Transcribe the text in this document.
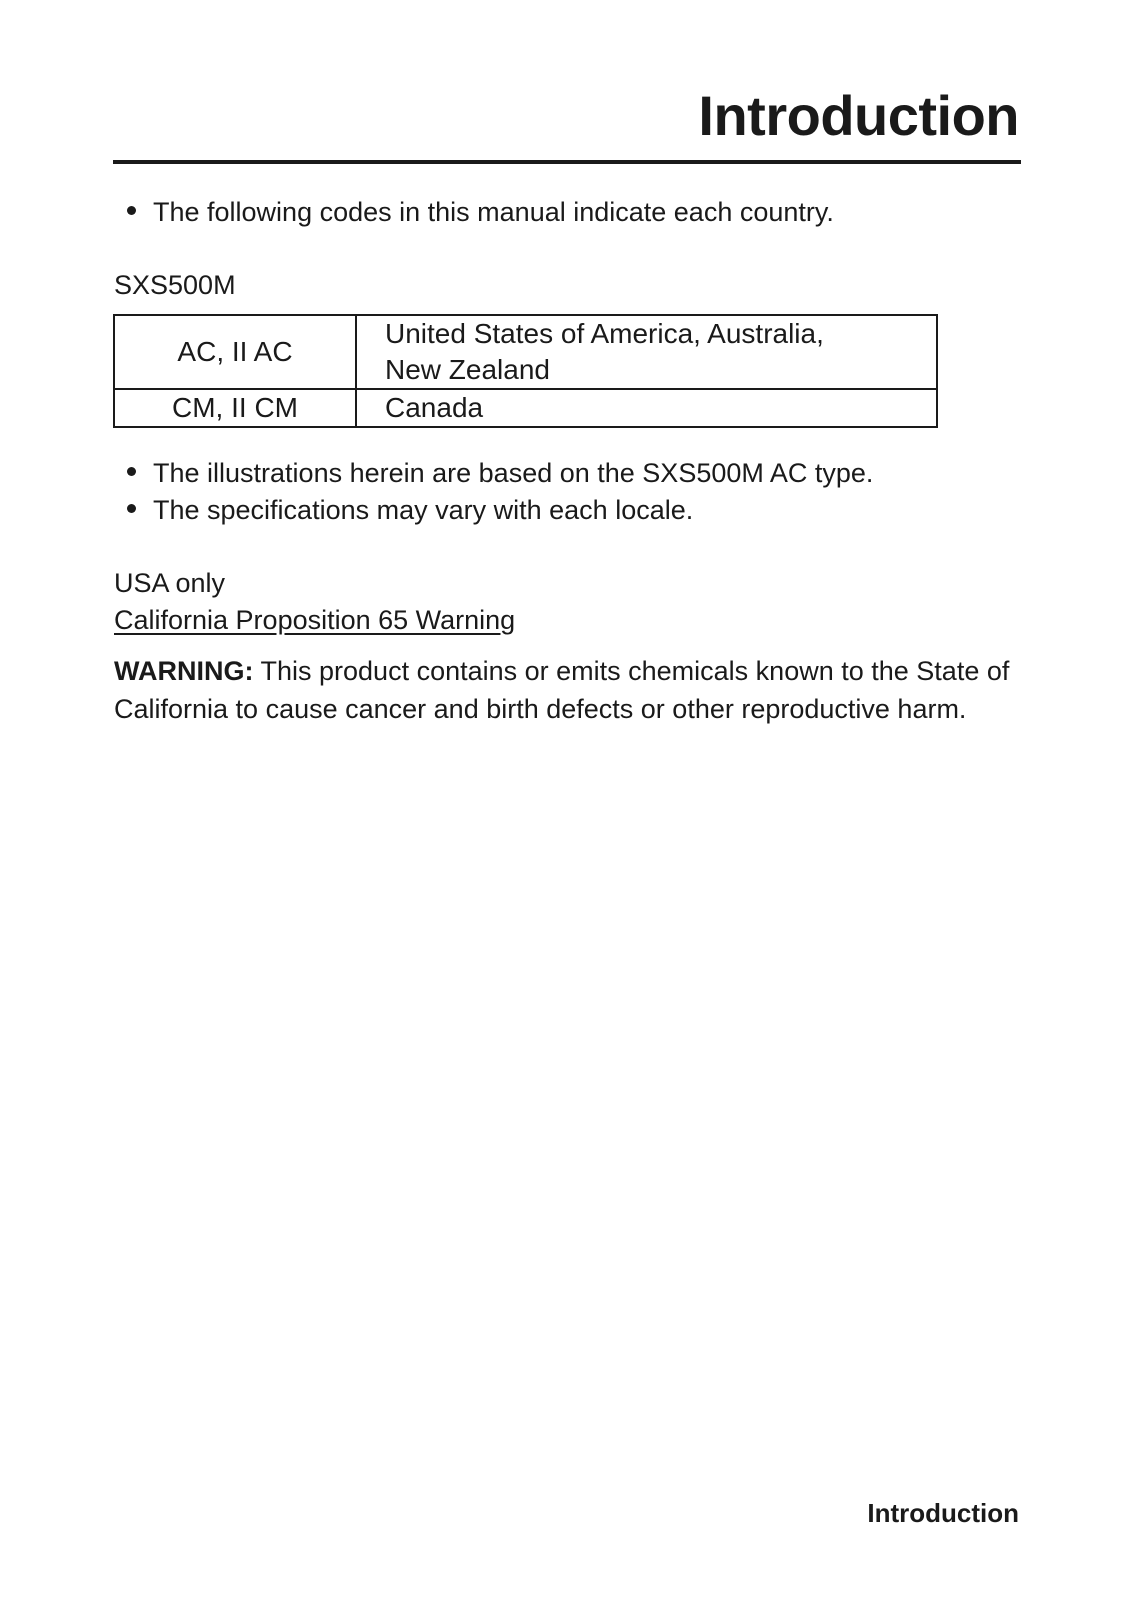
Introduction
The following codes in this manual indicate each country.
SXS500M
AC, II AC	United States of America, Australia,
New Zealand
CM, II CM	Canada
The illustrations herein are based on the SXS500M AC type.
The specifications may vary with each locale.
USA only
California Proposition 65 Warning
WARNING: This product contains or emits chemicals known to the State of California to cause cancer and birth defects or other reproductive harm.
Introduction
